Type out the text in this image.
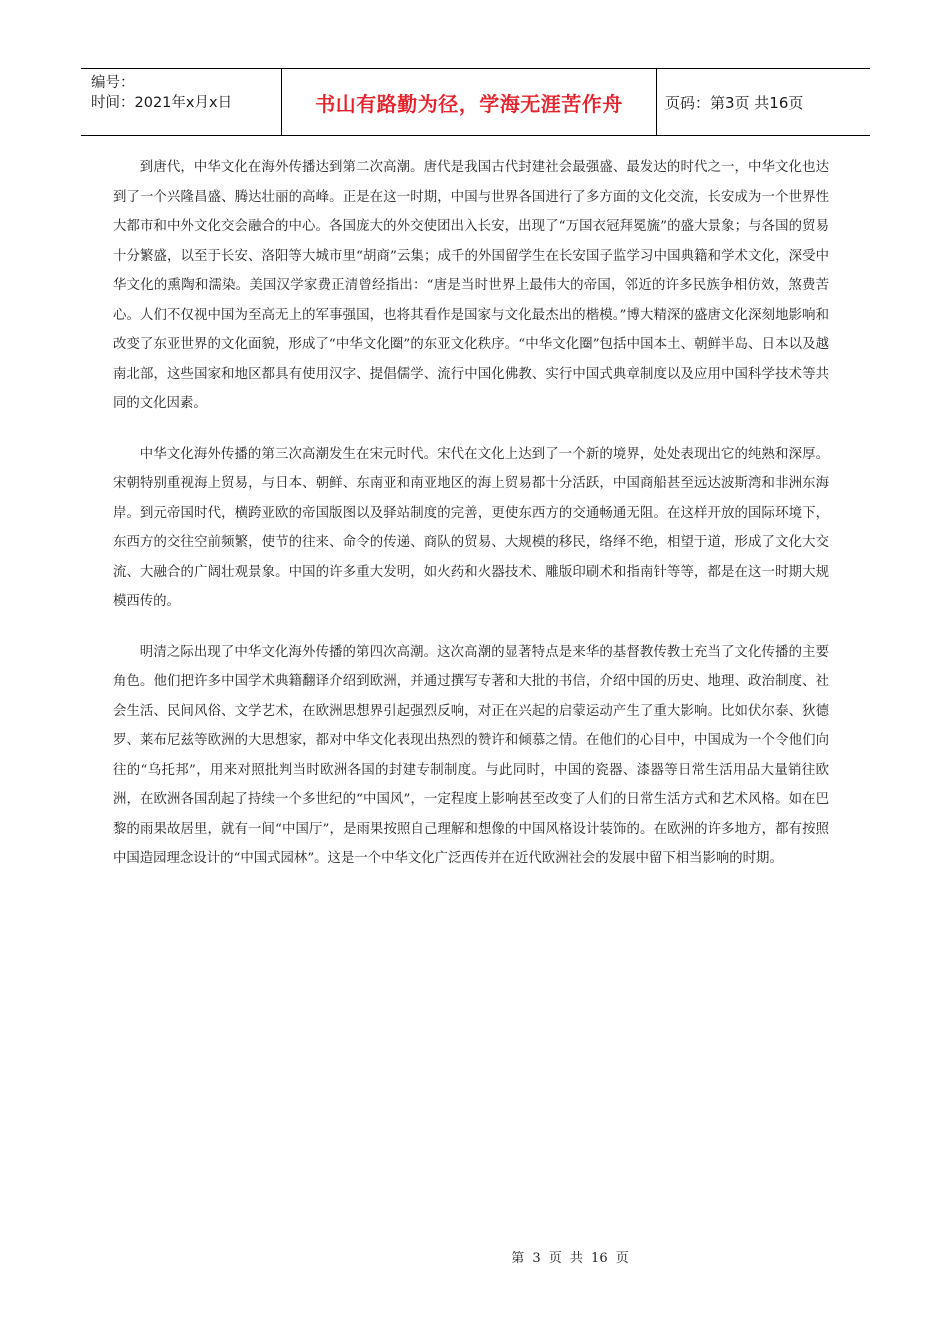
编号：
时间：2021年x月x日	书山有路勤为径，学海无涯苦作舟	页码：第3页 共16页

到唐代，中华文化在海外传播达到第二次高潮。唐代是我国古代封建社会最强盛、最发达的时代之一，中华文化也达到了一个兴隆昌盛、腾达壮丽的高峰。正是在这一时期，中国与世界各国进行了多方面的文化交流，长安成为一个世界性大都市和中外文化交会融合的中心。各国庞大的外交使团出入长安，出现了“万国衣冠拜冕旒”的盛大景象；与各国的贸易十分繁盛，以至于长安、洛阳等大城市里“胡商”云集；成千的外国留学生在长安国子监学习中国典籍和学术文化，深受中华文化的熏陶和濡染。美国汉学家费正清曾经指出：“唐是当时世界上最伟大的帝国，邻近的许多民族争相仿效，煞费苦心。人们不仅视中国为至高无上的军事强国，也将其看作是国家与文化最杰出的楷模。”博大精深的盛唐文化深刻地影响和改变了东亚世界的文化面貌，形成了“中华文化圈”的东亚文化秩序。“中华文化圈”包括中国本土、朝鲜半岛、日本以及越南北部，这些国家和地区都具有使用汉字、提倡儒学、流行中国化佛教、实行中国式典章制度以及应用中国科学技术等共同的文化因素。

中华文化海外传播的第三次高潮发生在宋元时代。宋代在文化上达到了一个新的境界，处处表现出它的纯熟和深厚。宋朝特别重视海上贸易，与日本、朝鲜、东南亚和南亚地区的海上贸易都十分活跃，中国商船甚至远达波斯湾和非洲东海岸。到元帝国时代，横跨亚欧的帝国版图以及驿站制度的完善，更使东西方的交通畅通无阻。在这样开放的国际环境下，东西方的交往空前频繁，使节的往来、命令的传递、商队的贸易、大规模的移民，络绎不绝，相望于道，形成了文化大交流、大融合的广阔壮观景象。中国的许多重大发明，如火药和火器技术、雕版印刷术和指南针等等，都是在这一时期大规模西传的。

明清之际出现了中华文化海外传播的第四次高潮。这次高潮的显著特点是来华的基督教传教士充当了文化传播的主要角色。他们把许多中国学术典籍翻译介绍到欧洲，并通过撰写专著和大批的书信，介绍中国的历史、地理、政治制度、社会生活、民间风俗、文学艺术，在欧洲思想界引起强烈反响，对正在兴起的启蒙运动产生了重大影响。比如伏尔泰、狄德罗、莱布尼兹等欧洲的大思想家，都对中华文化表现出热烈的赞许和倾慕之情。在他们的心目中，中国成为一个令他们向往的“乌托邦”，用来对照批判当时欧洲各国的封建专制制度。与此同时，中国的瓷器、漆器等日常生活用品大量销往欧洲，在欧洲各国刮起了持续一个多世纪的“中国风”，一定程度上影响甚至改变了人们的日常生活方式和艺术风格。如在巴黎的雨果故居里，就有一间“中国厅”，是雨果按照自己理解和想像的中国风格设计装饰的。在欧洲的许多地方，都有按照中国造园理念设计的“中国式园林”。这是一个中华文化广泛西传并在近代欧洲社会的发展中留下相当影响的时期。

第 3 页 共 16 页
